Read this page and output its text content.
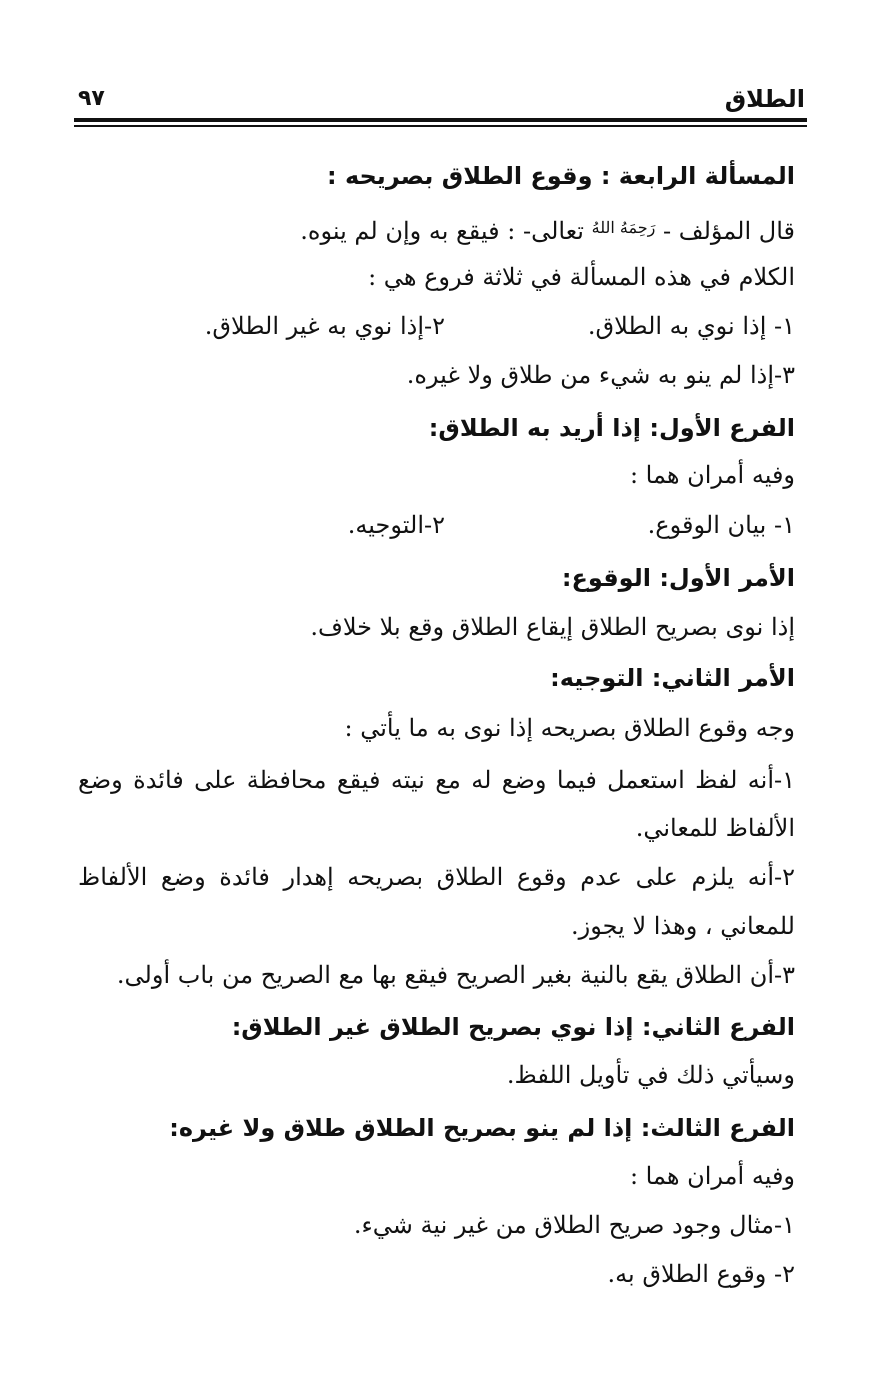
الطلاق
٩٧
المسألة الرابعة : وقوع الطلاق بصريحه :
قال المؤلف - $^{رَحِمَهُ اللهُ}$ تعالى- : فيقع به وإن لم ينوه.
الكلام في هذه المسألة في ثلاثة فروع هي :
١- إذا نوي به الطلاق.
٢-إذا نوي به غير الطلاق.
٣-إذا لم ينو به شيء من طلاق ولا غيره.
الفرع الأول: إذا أريد به الطلاق:
وفيه أمران هما :
١- بيان الوقوع.
٢-التوجيه.
الأمر الأول: الوقوع:
إذا نوى بصريح الطلاق إيقاع الطلاق وقع بلا خلاف.
الأمر الثاني: التوجيه:
وجه وقوع الطلاق بصريحه إذا نوى به ما يأتي :
١-أنه لفظ استعمل فيما وضع له مع نيته فيقع محافظة على فائدة وضع
الألفاظ للمعاني.
٢-أنه يلزم على عدم وقوع الطلاق بصريحه إهدار فائدة وضع الألفاظ
للمعاني ، وهذا لا يجوز.
٣-أن الطلاق يقع بالنية بغير الصريح فيقع بها مع الصريح من باب أولى.
الفرع الثاني: إذا نوي بصريح الطلاق غير الطلاق:
وسيأتي ذلك في تأويل اللفظ.
الفرع الثالث: إذا لم ينو بصريح الطلاق طلاق ولا غيره:
وفيه أمران هما :
١-مثال وجود صريح الطلاق من غير نية شيء.
٢- وقوع الطلاق به.
